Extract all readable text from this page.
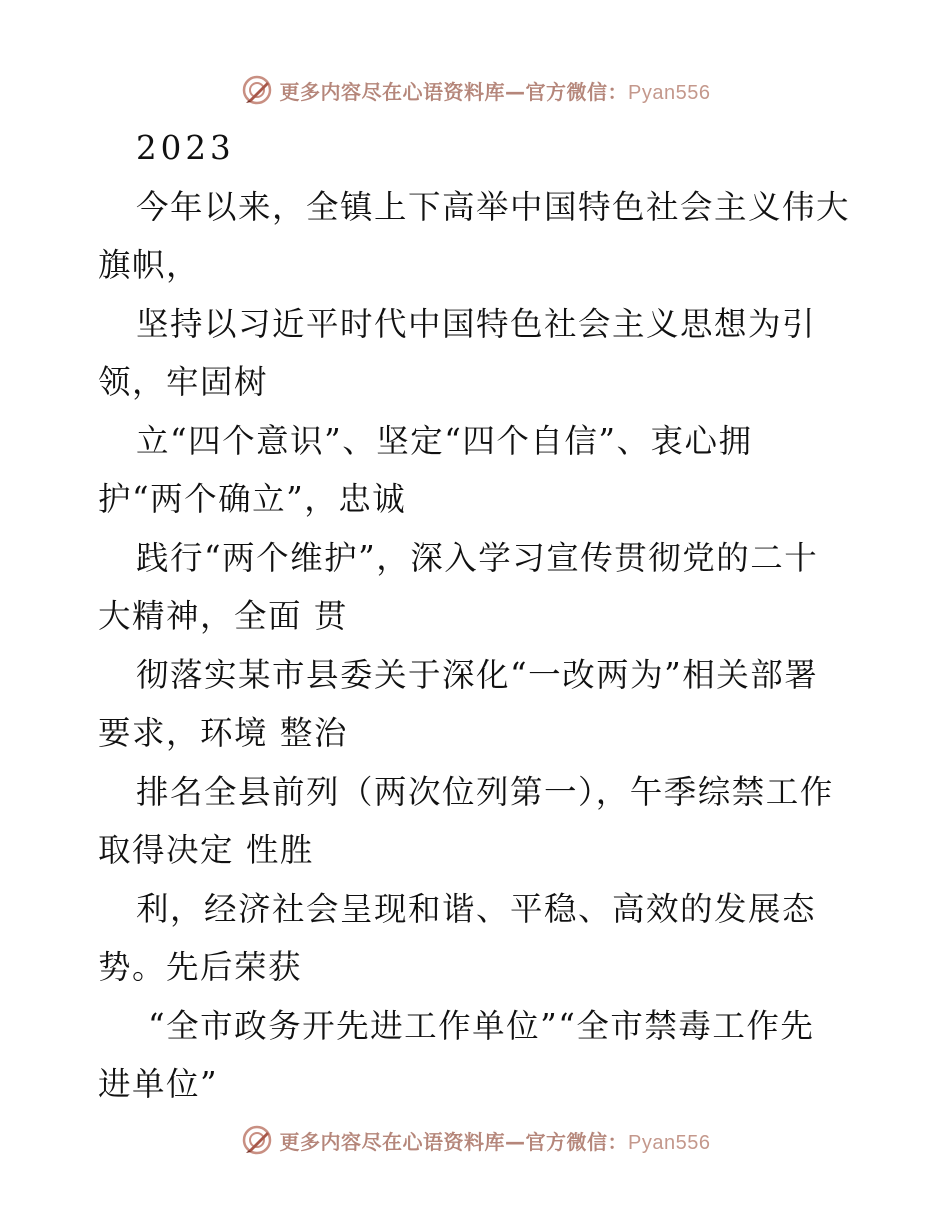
更多内容尽在心语资料库—官方微信：Pyan556
2023
今年以来，全镇上下高举中国特色社会主义伟大
旗帜，
坚持以习近平时代中国特色社会主义思想为引
领，牢固树
立“四个意识”、坚定“四个自信”、衷心拥
护“两个确立”，忠诚
践行“两个维护”，深入学习宣传贯彻党的二十
大精神，全面 贯
彻落实某市县委关于深化“一改两为”相关部署
要求，环境 整治
排名全县前列（两次位列第一），午季综禁工作
取得决定 性胜
利，经济社会呈现和谐、平稳、高效的发展态
势。先后荣获
“全市政务开先进工作单位”“全市禁毒工作先
进单位”
更多内容尽在心语资料库—官方微信：Pyan556
